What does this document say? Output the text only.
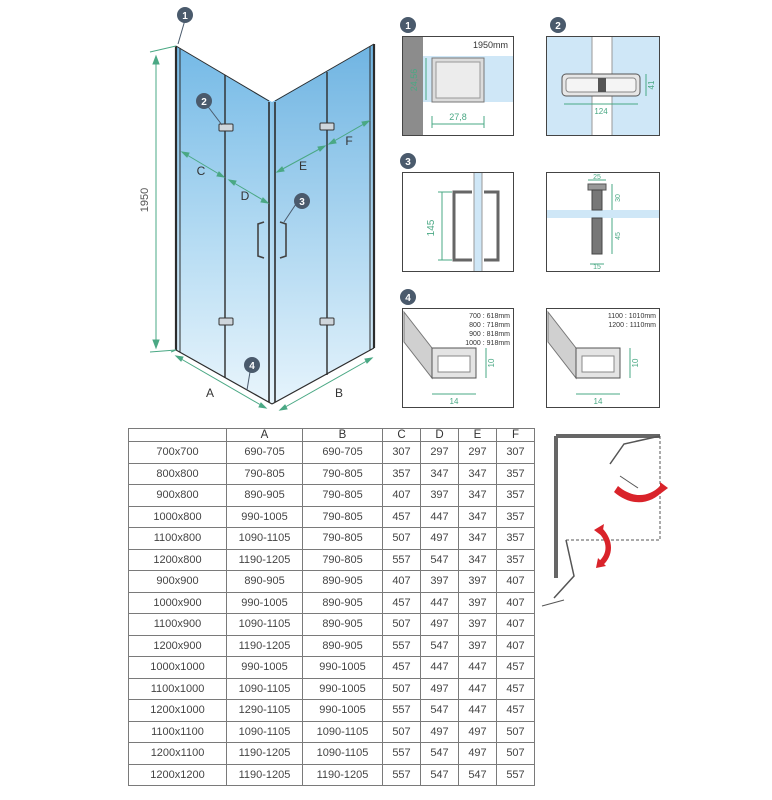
1950
C
D
E
F
A	B
1
2
3
4
1	2
3
4
1950mm
24,56
27,8
124
41
145
25
30
45
15
10
14
700 : 618mm
800 : 718mm
900 : 818mm
1000 : 918mm
10
14
1100 : 1010mm
1200 : 1110mm
	A	B	C	D	E	F
700x700	690-705	690-705	307	297	297	307
800x800	790-805	790-805	357	347	347	357
900x800	890-905	790-805	407	397	347	357
1000x800	990-1005	790-805	457	447	347	357
1100x800	1090-1105	790-805	507	497	347	357
1200x800	1190-1205	790-805	557	547	347	357
900x900	890-905	890-905	407	397	397	407
1000x900	990-1005	890-905	457	447	397	407
1100x900	1090-1105	890-905	507	497	397	407
1200x900	1190-1205	890-905	557	547	397	407
1000x1000	990-1005	990-1005	457	447	447	457
1100x1000	1090-1105	990-1005	507	497	447	457
1200x1000	1290-1105	990-1005	557	547	447	457
1100x1100	1090-1105	1090-1105	507	497	497	507
1200x1100	1190-1205	1090-1105	557	547	497	507
1200x1200	1190-1205	1190-1205	557	547	547	557
